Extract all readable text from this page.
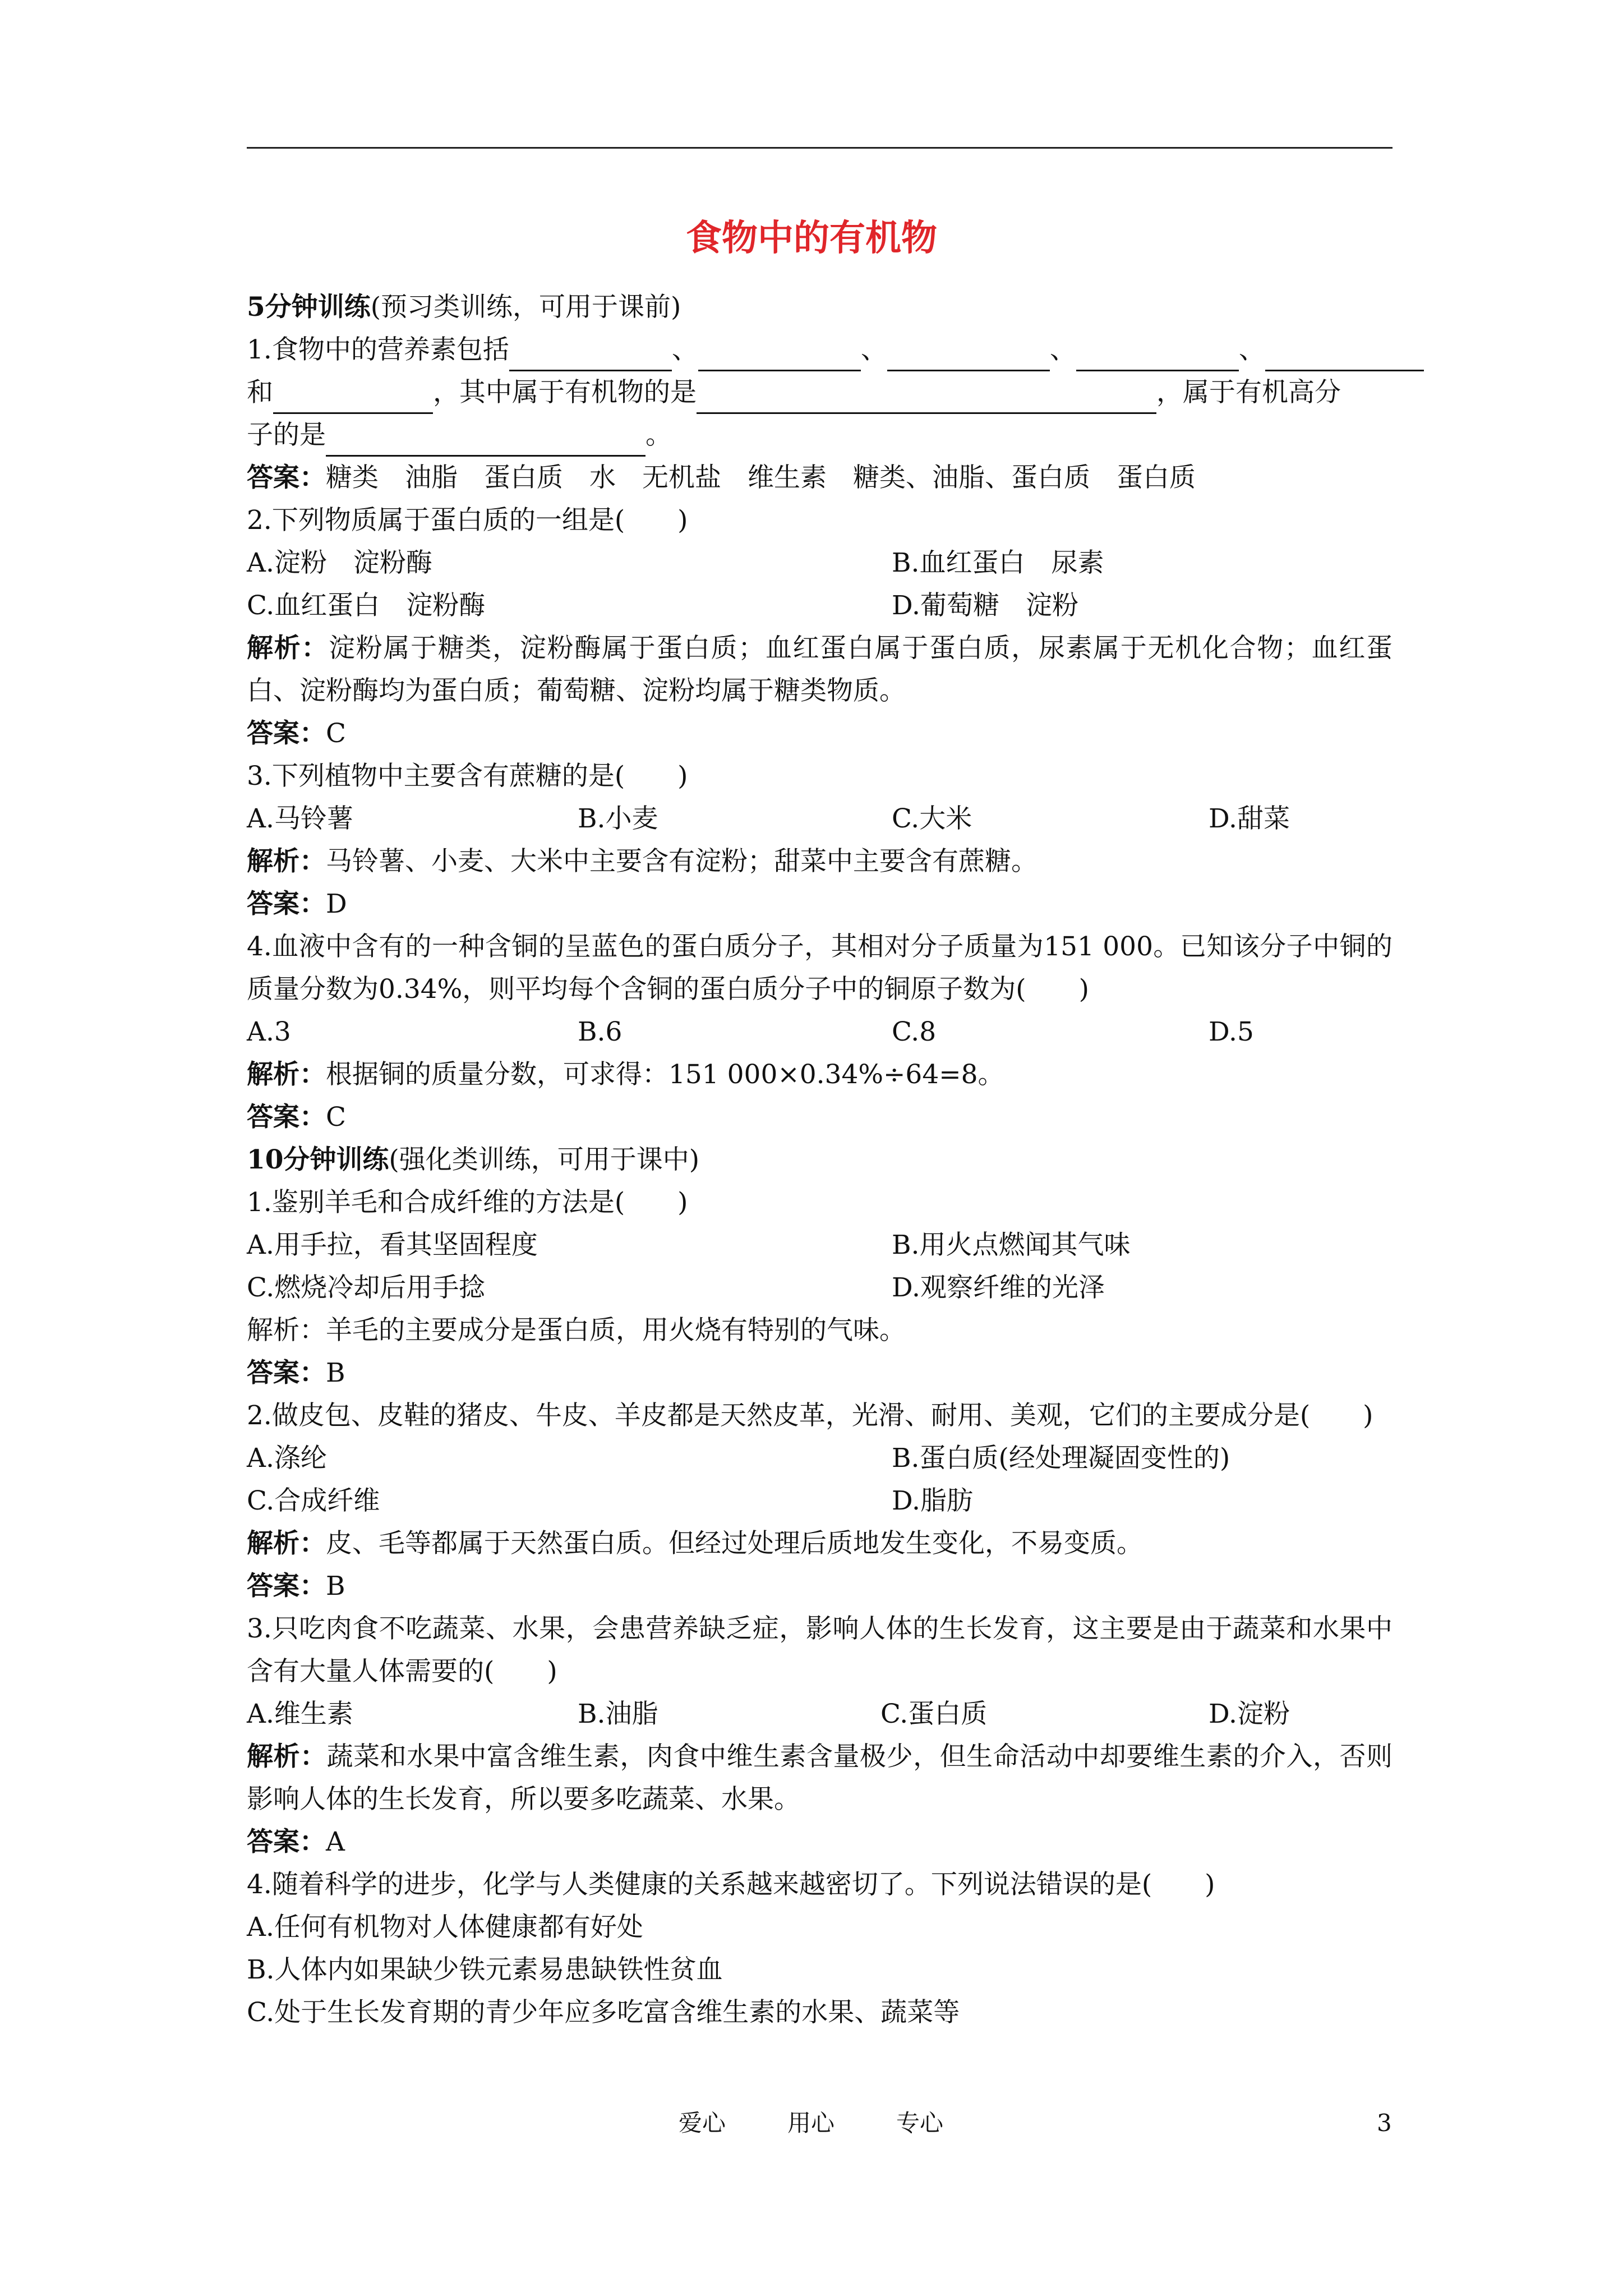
食物中的有机物
5分钟训练(预习类训练，可用于课前)
1.食物中的营养素包括	、	、	、	、
和	，其中属于有机物的是	，属于有机高分
子的是	。
答案：糖类　油脂　蛋白质　水　无机盐　维生素　糖类、油脂、蛋白质　蛋白质
2.下列物质属于蛋白质的一组是(　　)
A.淀粉　淀粉酶	B.血红蛋白　尿素
C.血红蛋白　淀粉酶	D.葡萄糖　淀粉
解析：淀粉属于糖类，淀粉酶属于蛋白质；血红蛋白属于蛋白质，尿素属于无机化合物；血红蛋白、淀粉酶均为蛋白质；葡萄糖、淀粉均属于糖类物质。
答案：C
3.下列植物中主要含有蔗糖的是(　　)
A.马铃薯	B.小麦	C.大米	D.甜菜
解析：马铃薯、小麦、大米中主要含有淀粉；甜菜中主要含有蔗糖。
答案：D
4.血液中含有的一种含铜的呈蓝色的蛋白质分子，其相对分子质量为151 000。已知该分子中铜的质量分数为0.34%，则平均每个含铜的蛋白质分子中的铜原子数为(　　)
A.3	B.6	C.8	D.5
解析：根据铜的质量分数，可求得：151 000×0.34%÷64=8。
答案：C
10分钟训练(强化类训练，可用于课中)
1.鉴别羊毛和合成纤维的方法是(　　)
A.用手拉，看其坚固程度	B.用火点燃闻其气味
C.燃烧冷却后用手捻	D.观察纤维的光泽
解析：羊毛的主要成分是蛋白质，用火烧有特别的气味。
答案：B
2.做皮包、皮鞋的猪皮、牛皮、羊皮都是天然皮革，光滑、耐用、美观，它们的主要成分是(　　)
A.涤纶	B.蛋白质(经处理凝固变性的)
C.合成纤维	D.脂肪
解析：皮、毛等都属于天然蛋白质。但经过处理后质地发生变化，不易变质。
答案：B
3.只吃肉食不吃蔬菜、水果，会患营养缺乏症，影响人体的生长发育，这主要是由于蔬菜和水果中含有大量人体需要的(　　)
A.维生素	B.油脂	C.蛋白质	D.淀粉
解析：蔬菜和水果中富含维生素，肉食中维生素含量极少，但生命活动中却要维生素的介入，否则影响人体的生长发育，所以要多吃蔬菜、水果。
答案：A
4.随着科学的进步，化学与人类健康的关系越来越密切了。下列说法错误的是(　　)
A.任何有机物对人体健康都有好处
B.人体内如果缺少铁元素易患缺铁性贫血
C.处于生长发育期的青少年应多吃富含维生素的水果、蔬菜等
爱心	用心	专心	3
